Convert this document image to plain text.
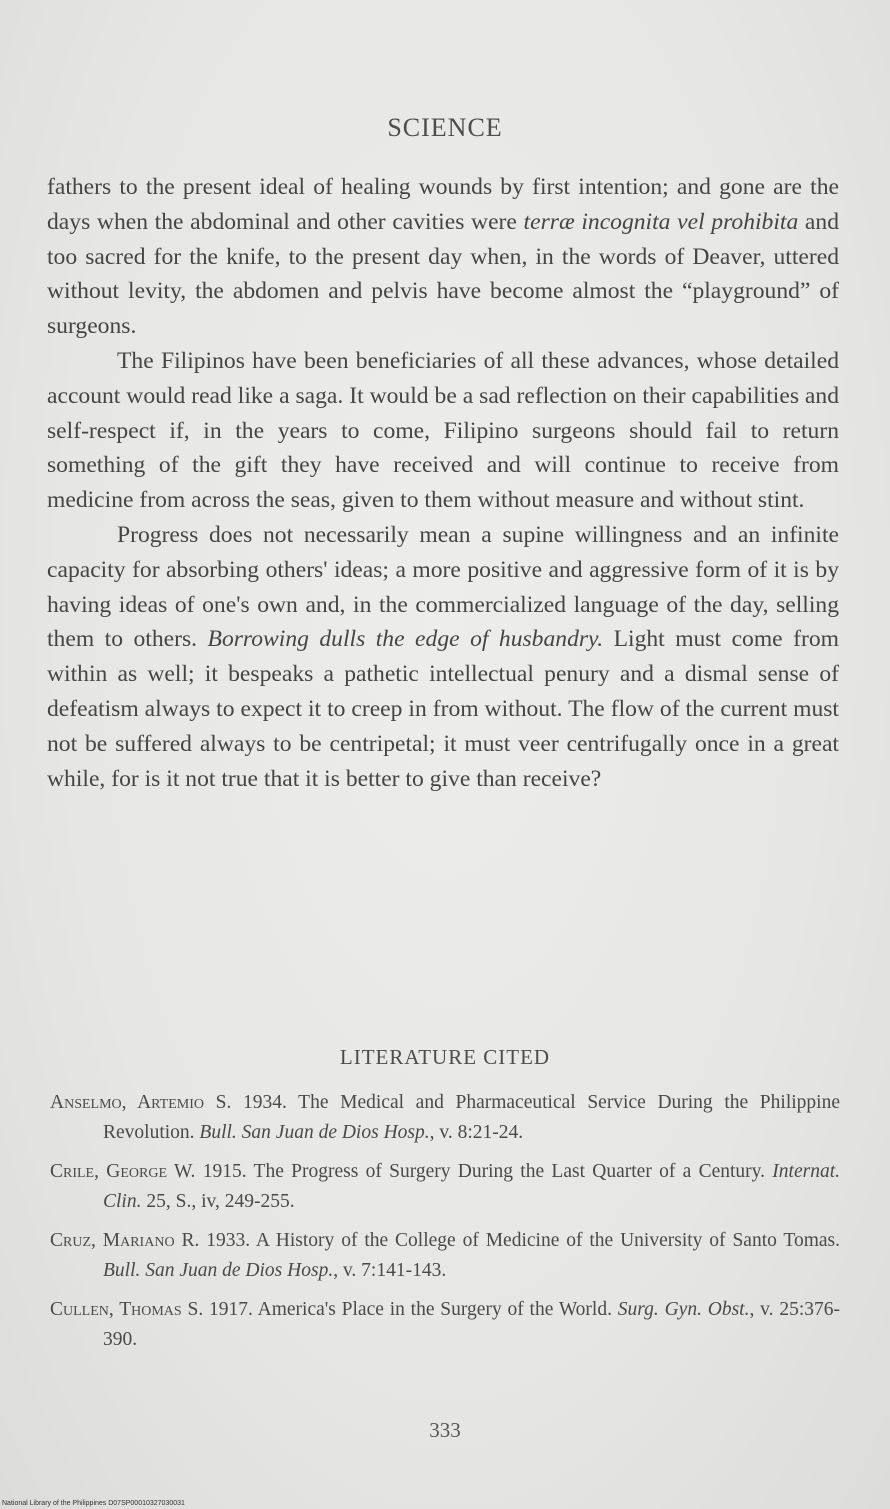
SCIENCE

fathers to the present ideal of healing wounds by first intention; and gone are the days when the abdominal and other cavities were terræ incognita vel prohibita and too sacred for the knife, to the present day when, in the words of Deaver, uttered without levity, the abdomen and pelvis have become almost the “playground” of surgeons.

The Filipinos have been beneficiaries of all these advances, whose detailed account would read like a saga. It would be a sad reflection on their capabilities and self-respect if, in the years to come, Filipino surgeons should fail to return something of the gift they have received and will continue to receive from medicine from across the seas, given to them without measure and without stint.

Progress does not necessarily mean a supine willingness and an infinite capacity for absorbing others' ideas; a more positive and aggressive form of it is by having ideas of one's own and, in the commercialized language of the day, selling them to others. Borrowing dulls the edge of husbandry. Light must come from within as well; it bespeaks a pathetic intellectual penury and a dismal sense of defeatism always to expect it to creep in from without. The flow of the current must not be suffered always to be centripetal; it must veer centrifugally once in a great while, for is it not true that it is better to give than receive?

LITERATURE CITED

Anselmo, Artemio S. 1934. The Medical and Pharmaceutical Service During the Philippine Revolution. Bull. San Juan de Dios Hosp., v. 8:21-24.

Crile, George W. 1915. The Progress of Surgery During the Last Quarter of a Century. Internat. Clin. 25, S., iv, 249-255.

Cruz, Mariano R. 1933. A History of the College of Medicine of the University of Santo Tomas. Bull. San Juan de Dios Hosp., v. 7:141-143.

Cullen, Thomas S. 1917. America's Place in the Surgery of the World. Surg. Gyn. Obst., v. 25:376-390.

333
National Library of the Philippines D07SP00010327030031
